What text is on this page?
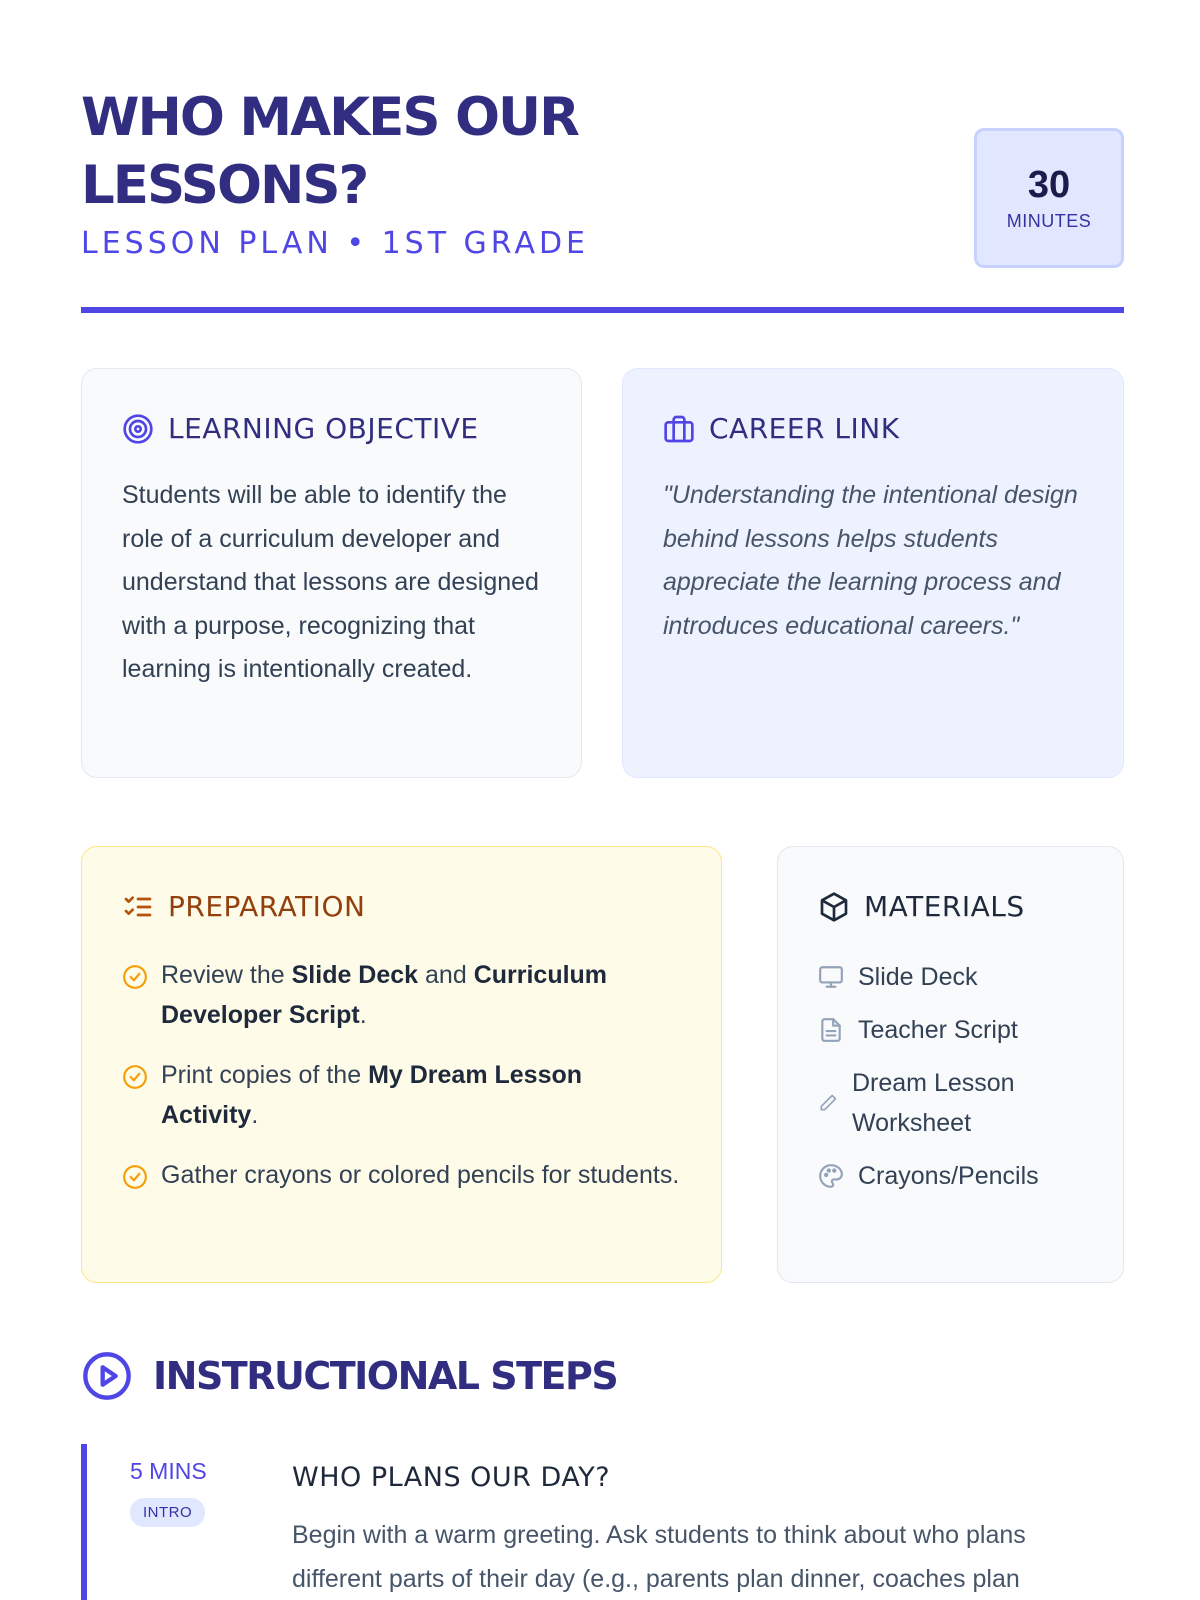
WHO MAKES OUR LESSONS?
LESSON PLAN • 1ST GRADE
30
MINUTES
LEARNING OBJECTIVE

Students will be able to identify the role of a curriculum developer and understand that lessons are designed with a purpose, recognizing that learning is intentionally created.

CAREER LINK

"Understanding the intentional design behind lessons helps students appreciate the learning process and introduces educational careers."

PREPARATION
Review the Slide Deck and Curriculum Developer Script.
Print copies of the My Dream Lesson Activity.
Gather crayons or colored pencils for students.
MATERIALS
Slide Deck
Teacher Script
Dream Lesson Worksheet
Crayons/Pencils
INSTRUCTIONAL STEPS
5 MINS
INTRO
WHO PLANS OUR DAY?
Begin with a warm greeting. Ask students to think about who plans different parts of their day (e.g., parents plan dinner, coaches plan
